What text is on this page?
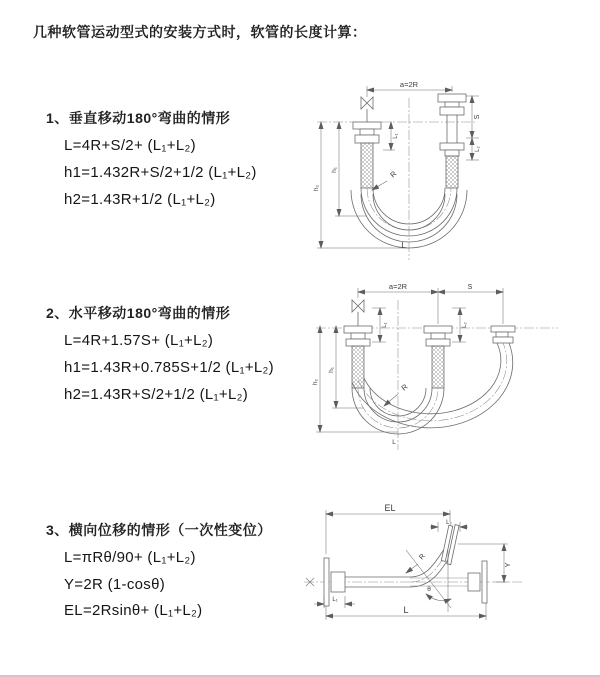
几种软管运动型式的安装方式时，软管的长度计算：
1、垂直移动180°弯曲的情形
L=4R+S/2+ (L₁+L₂)
h1=1.432R+S/2+1/2 (L₁+L₂)
h2=1.43R+1/2 (L₁+L₂)
2、水平移动180°弯曲的情形
L=4R+1.57S+ (L₁+L₂)
h1=1.43R+0.785S+1/2 (L₁+L₂)
h2=1.43R+S/2+1/2 (L₁+L₂)
3、横向位移的情形（一次性变位）
L=πRθ/90+ (L₁+L₂)
Y=2R (1-cosθ)
EL=2Rsinθ+ (L₁+L₂)
a=2R
S
L₂
L₁
h₁
h₂
R
L
a=2R	S
L₁	L₂
h₁
h₂
R
L
EL
L₂
Y
θ
R
L
L₁
